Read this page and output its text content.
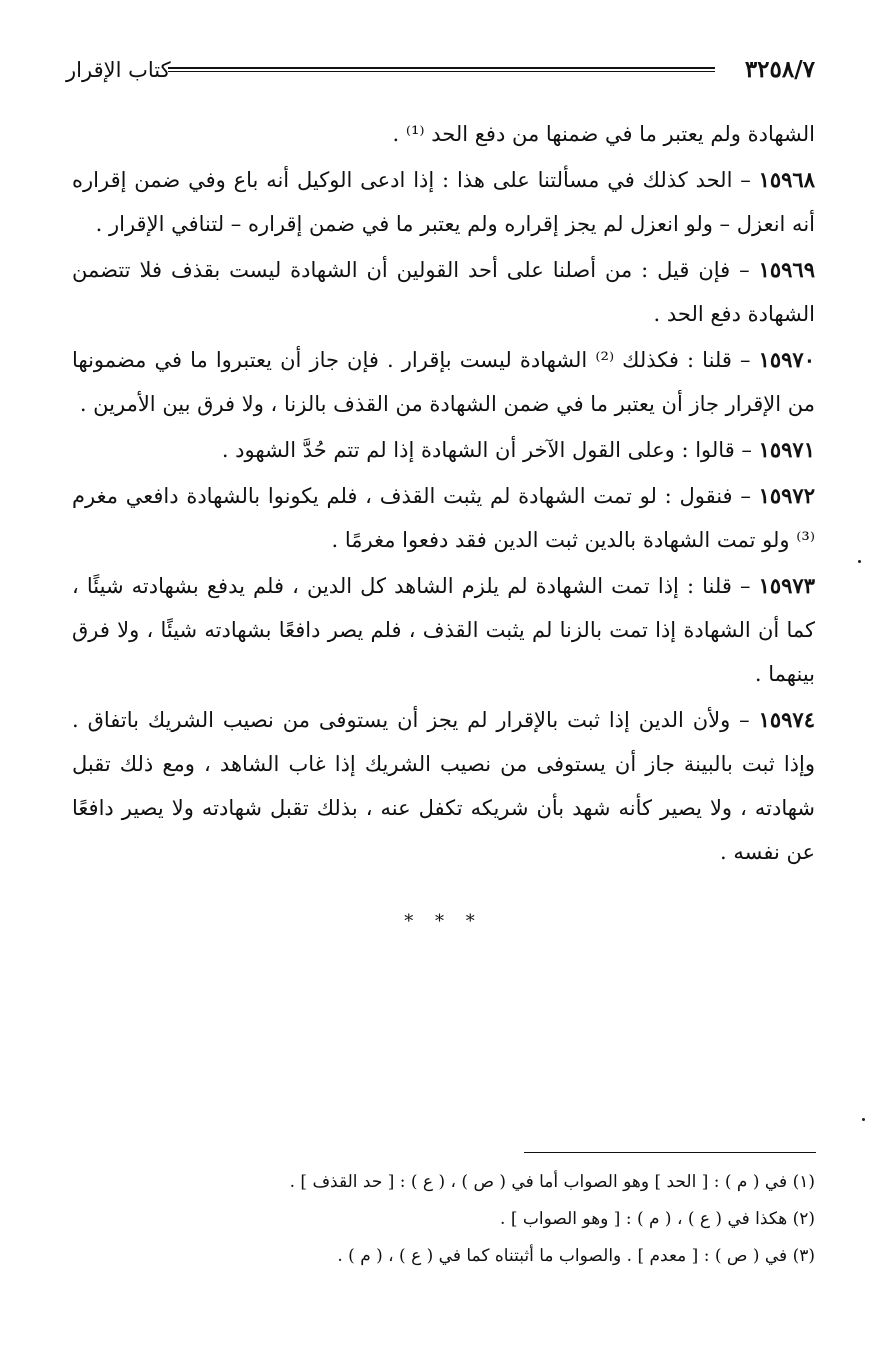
٣٢٥٨/٧
كتاب الإقرار

الشهادة ولم يعتبر ما في ضمنها من دفع الحد ⁽¹⁾ .

١٥٩٦٨ – الحد كذلك في مسألتنا على هذا : إذا ادعى الوكيل أنه باع وفي ضمن إقراره أنه انعزل – ولو انعزل لم يجز إقراره ولم يعتبر ما في ضمن إقراره – لتنافي الإقرار .

١٥٩٦٩ – فإن قيل : من أصلنا على أحد القولين أن الشهادة ليست بقذف فلا تتضمن الشهادة دفع الحد .

١٥٩٧٠ – قلنا : فكذلك ⁽²⁾ الشهادة ليست بإقرار . فإن جاز أن يعتبروا ما في مضمونها من الإقرار جاز أن يعتبر ما في ضمن الشهادة من القذف بالزنا ، ولا فرق بين الأمرين .

١٥٩٧١ – قالوا : وعلى القول الآخر أن الشهادة إذا لم تتم حُدَّ الشهود .

١٥٩٧٢ – فنقول : لو تمت الشهادة لم يثبت القذف ، فلم يكونوا بالشهادة دافعي مغرم ⁽³⁾ ولو تمت الشهادة بالدين ثبت الدين فقد دفعوا مغرمًا .

١٥٩٧٣ – قلنا : إذا تمت الشهادة لم يلزم الشاهد كل الدين ، فلم يدفع بشهادته شيئًا ، كما أن الشهادة إذا تمت بالزنا لم يثبت القذف ، فلم يصر دافعًا بشهادته شيئًا ، ولا فرق بينهما .

١٥٩٧٤ – ولأن الدين إذا ثبت بالإقرار لم يجز أن يستوفى من نصيب الشريك باتفاق . وإذا ثبت بالبينة جاز أن يستوفى من نصيب الشريك إذا غاب الشاهد ، ومع ذلك تقبل شهادته ، ولا يصير كأنه شهد بأن شريكه تكفل عنه ، بذلك تقبل شهادته ولا يصير دافعًا عن نفسه .

* * *
(١) في ( م ) : [ الحد ] وهو الصواب أما في ( ص ) ، ( ع ) : [ حد القذف ] .
(٢) هكذا في ( ع ) ، ( م ) : [ وهو الصواب ] .
(٣) في ( ص ) : [ معدم ] . والصواب ما أثبتناه كما في ( ع ) ، ( م ) .
